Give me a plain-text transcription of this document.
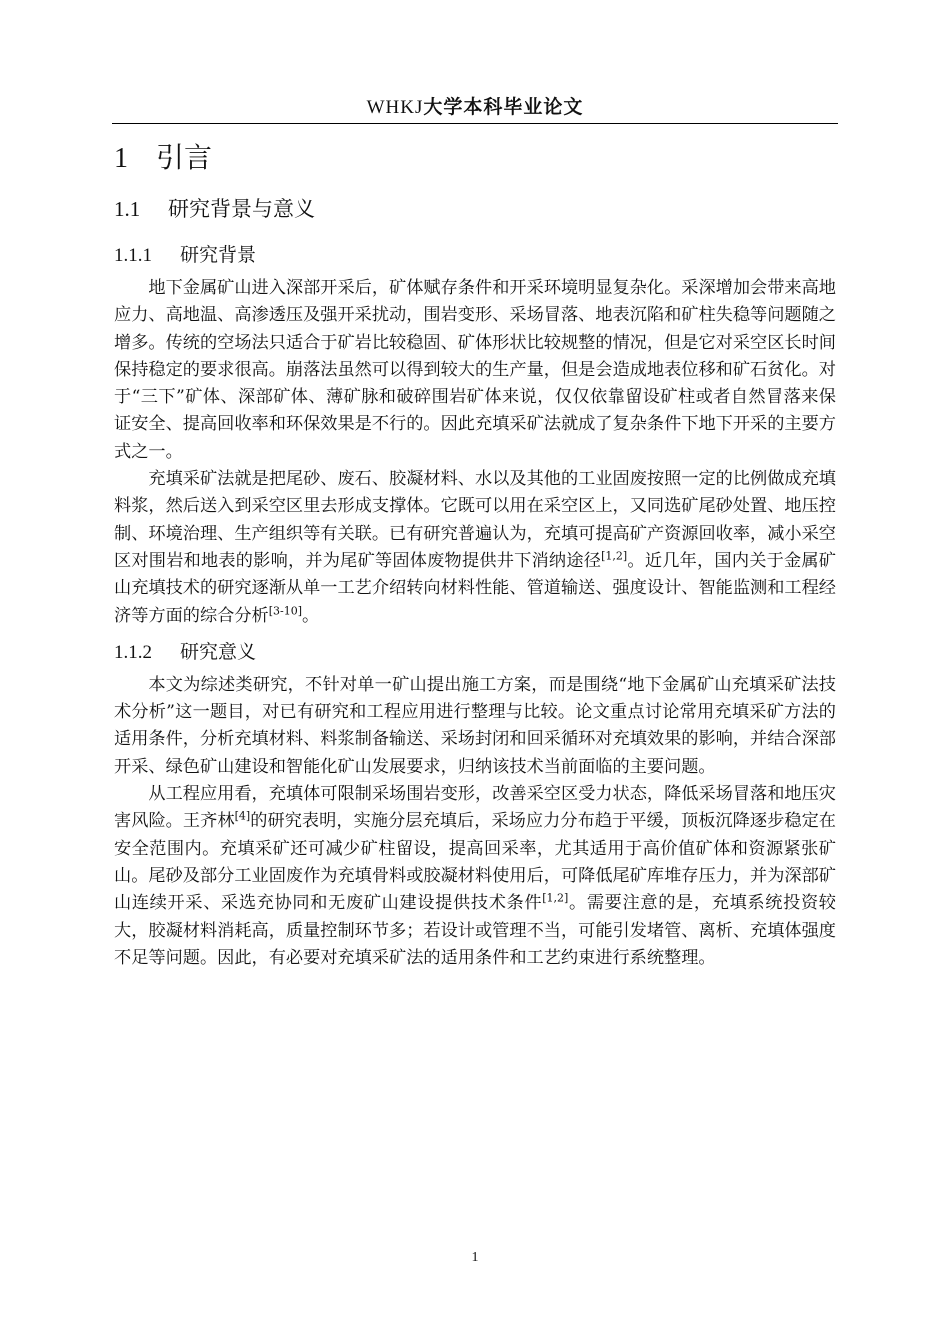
WHKJ大学本科毕业论文
1 引言
1.1 研究背景与意义
1.1.1 研究背景

地下金属矿山进入深部开采后，矿体赋存条件和开采环境明显复杂化。采深增加会带来高地应力、高地温、高渗透压及强开采扰动，围岩变形、采场冒落、地表沉陷和矿柱失稳等问题随之增多。传统的空场法只适合于矿岩比较稳固、矿体形状比较规整的情况，但是它对采空区长时间保持稳定的要求很高。崩落法虽然可以得到较大的生产量，但是会造成地表位移和矿石贫化。对于“三下”矿体、深部矿体、薄矿脉和破碎围岩矿体来说，仅仅依靠留设矿柱或者自然冒落来保证安全、提高回收率和环保效果是不行的。因此充填采矿法就成了复杂条件下地下开采的主要方式之一。

充填采矿法就是把尾砂、废石、胶凝材料、水以及其他的工业固废按照一定的比例做成充填料浆，然后送入到采空区里去形成支撑体。它既可以用在采空区上，又同选矿尾砂处置、地压控制、环境治理、生产组织等有关联。已有研究普遍认为，充填可提高矿产资源回收率，减小采空区对围岩和地表的影响，并为尾矿等固体废物提供井下消纳途径[1,2]。近几年，国内关于金属矿山充填技术的研究逐渐从单一工艺介绍转向材料性能、管道输送、强度设计、智能监测和工程经济等方面的综合分析[3-10]。

1.1.2 研究意义

本文为综述类研究，不针对单一矿山提出施工方案，而是围绕“地下金属矿山充填采矿法技术分析”这一题目，对已有研究和工程应用进行整理与比较。论文重点讨论常用充填采矿方法的适用条件，分析充填材料、料浆制备输送、采场封闭和回采循环对充填效果的影响，并结合深部开采、绿色矿山建设和智能化矿山发展要求，归纳该技术当前面临的主要问题。

从工程应用看，充填体可限制采场围岩变形，改善采空区受力状态，降低采场冒落和地压灾害风险。王齐林[4]的研究表明，实施分层充填后，采场应力分布趋于平缓，顶板沉降逐步稳定在安全范围内。充填采矿还可减少矿柱留设，提高回采率，尤其适用于高价值矿体和资源紧张矿山。尾砂及部分工业固废作为充填骨料或胶凝材料使用后，可降低尾矿库堆存压力，并为深部矿山连续开采、采选充协同和无废矿山建设提供技术条件[1,2]。需要注意的是，充填系统投资较大，胶凝材料消耗高，质量控制环节多；若设计或管理不当，可能引发堵管、离析、充填体强度不足等问题。因此，有必要对充填采矿法的适用条件和工艺约束进行系统整理。

1
